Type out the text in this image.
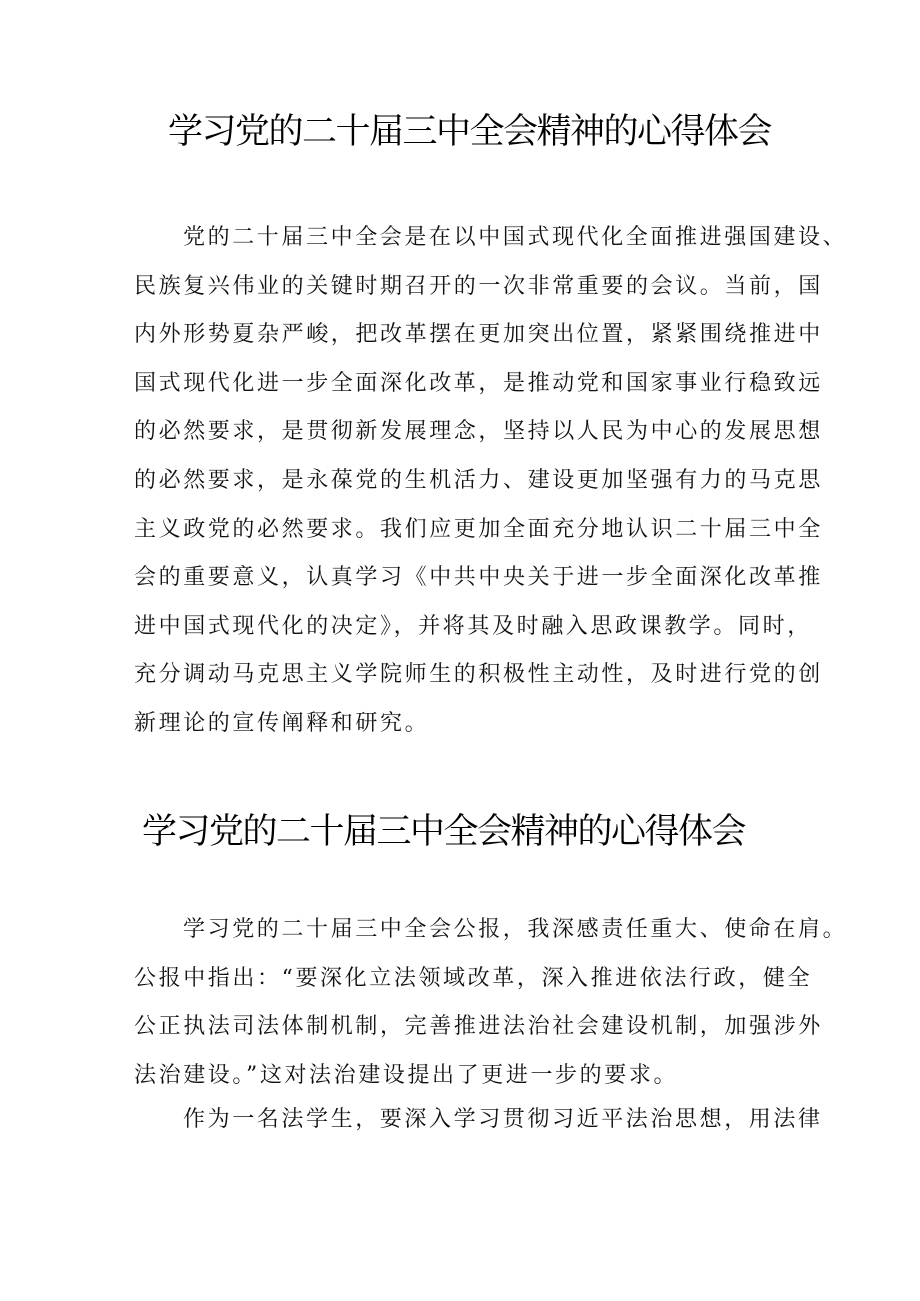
学习党的二十届三中全会精神的心得体会
党的二十届三中全会是在以中国式现代化全面推进强国建设、
民族复兴伟业的关键时期召开的一次非常重要的会议。当前，国
内外形势夏杂严峻，把改革摆在更加突出位置，紧紧围绕推进中
国式现代化进一步全面深化改革，是推动党和国家事业行稳致远
的必然要求，是贯彻新发展理念，坚持以人民为中心的发展思想
的必然要求，是永葆党的生机活力、建设更加坚强有力的马克思
主义政党的必然要求。我们应更加全面充分地认识二十届三中全
会的重要意义，认真学习《中共中央关于进一步全面深化改革推
进中国式现代化的决定》，并将其及时融入思政课教学。同时，
充分调动马克思主义学院师生的积极性主动性，及时进行党的创
新理论的宣传阐释和研究。
学习党的二十届三中全会精神的心得体会
学习党的二十届三中全会公报，我深感责任重大、使命在肩。
公报中指出：“要深化立法领域改革，深入推进依法行政，健全
公正执法司法体制机制，完善推进法治社会建设机制，加强涉外
法治建设。”这对法治建设提出了更进一步的要求。
作为一名法学生，要深入学习贯彻习近平法治思想，用法律
